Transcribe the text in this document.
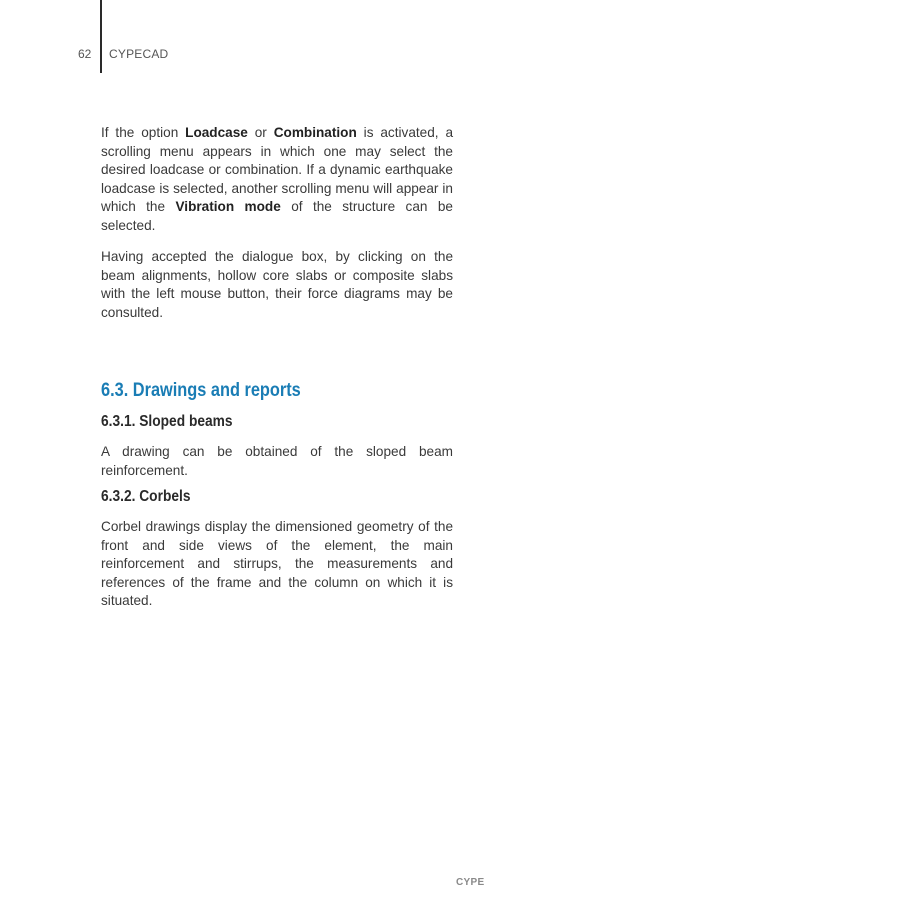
62 CYPECAD

If the option Loadcase or Combination is activated, a scrolling menu appears in which one may select the desired loadcase or combination. If a dynamic earthquake loadcase is selected, another scrolling menu will appear in which the Vibration mode of the structure can be selected.

Having accepted the dialogue box, by clicking on the beam alignments, hollow core slabs or composite slabs with the left mouse button, their force diagrams may be consulted.

6.3. Drawings and reports
6.3.1. Sloped beams

A drawing can be obtained of the sloped beam reinforcement.

6.3.2. Corbels

Corbel drawings display the dimensioned geometry of the front and side views of the element, the main reinforcement and stirrups, the measurements and references of the frame and the column on which it is situated.

CYPE
